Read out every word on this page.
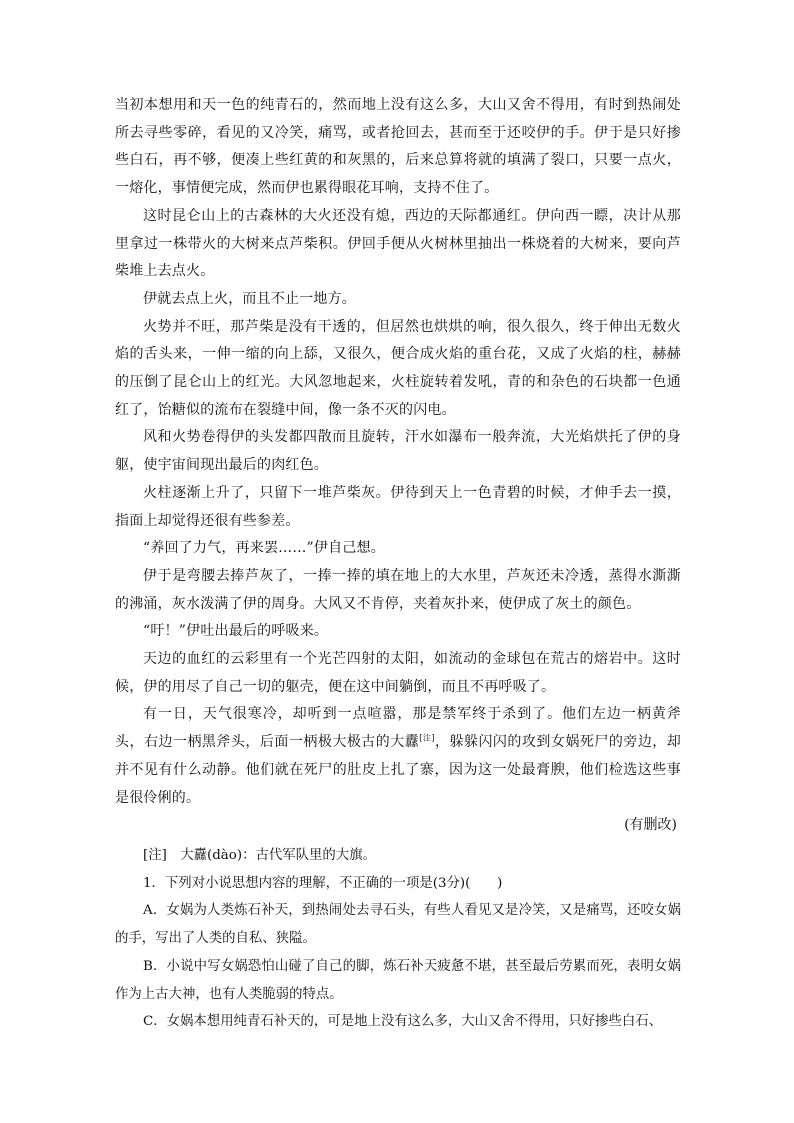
当初本想用和天一色的纯青石的，然而地上没有这么多，大山又舍不得用，有时到热闹处所去寻些零碎，看见的又冷笑，痛骂，或者抢回去，甚而至于还咬伊的手。伊于是只好掺些白石，再不够，便凑上些红黄的和灰黑的，后来总算将就的填满了裂口，只要一点火，一熔化，事情便完成，然而伊也累得眼花耳响，支持不住了。

这时昆仑山上的古森林的大火还没有熄，西边的天际都通红。伊向西一瞟，决计从那里拿过一株带火的大树来点芦柴积。伊回手便从火树林里抽出一株烧着的大树来，要向芦柴堆上去点火。

伊就去点上火，而且不止一地方。

火势并不旺，那芦柴是没有干透的，但居然也烘烘的响，很久很久，终于伸出无数火焰的舌头来，一伸一缩的向上舔，又很久，便合成火焰的重台花，又成了火焰的柱，赫赫的压倒了昆仑山上的红光。大风忽地起来，火柱旋转着发吼，青的和杂色的石块都一色通红了，饴糖似的流布在裂缝中间，像一条不灭的闪电。

风和火势卷得伊的头发都四散而且旋转，汗水如瀑布一般奔流，大光焰烘托了伊的身躯，使宇宙间现出最后的肉红色。

火柱逐渐上升了，只留下一堆芦柴灰。伊待到天上一色青碧的时候，才伸手去一摸，指面上却觉得还很有些参差。

“养回了力气，再来罢……”伊自己想。

伊于是弯腰去捧芦灰了，一捧一捧的填在地上的大水里，芦灰还未冷透，蒸得水澌澌的沸涌，灰水泼满了伊的周身。大风又不肯停，夹着灰扑来，使伊成了灰土的颜色。

“吁！”伊吐出最后的呼吸来。

天边的血红的云彩里有一个光芒四射的太阳，如流动的金球包在荒古的熔岩中。这时候，伊的用尽了自己一切的躯壳，便在这中间躺倒，而且不再呼吸了。

有一日，天气很寒冷，却听到一点喧嚣，那是禁军终于杀到了。他们左边一柄黄斧头，右边一柄黑斧头，后面一柄极大极古的大纛[注]，躲躲闪闪的攻到女娲死尸的旁边，却并不见有什么动静。他们就在死尸的肚皮上扎了寨，因为这一处最膏腴，他们检选这些事是很伶俐的。

(有删改)

[注]　大纛(dào)：古代军队里的大旗。

1．下列对小说思想内容的理解，不正确的一项是(3分)(　　)

A．女娲为人类炼石补天，到热闹处去寻石头，有些人看见又是冷笑，又是痛骂，还咬女娲的手，写出了人类的自私、狭隘。

B．小说中写女娲恐怕山碰了自己的脚，炼石补天疲惫不堪，甚至最后劳累而死，表明女娲作为上古大神，也有人类脆弱的特点。

C．女娲本想用纯青石补天的，可是地上没有这么多，大山又舍不得用，只好掺些白石、
